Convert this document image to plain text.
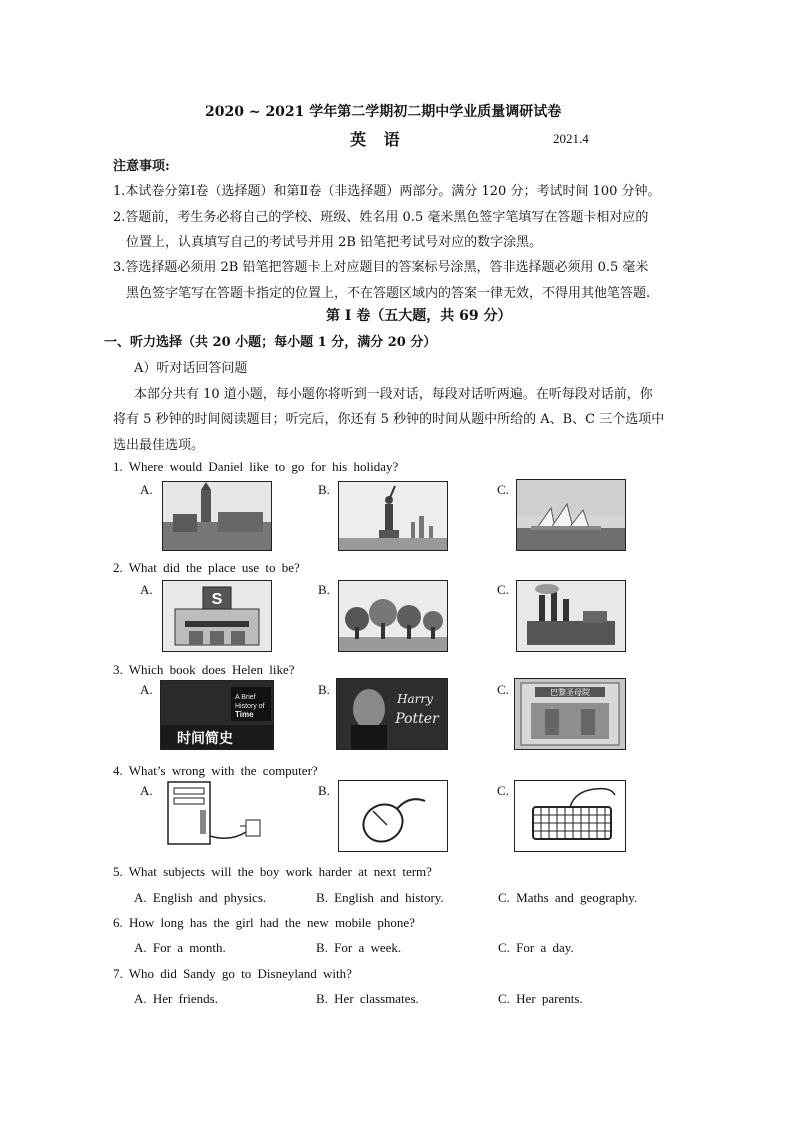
2020 ~ 2021 学年第二学期初二期中学业质量调研试卷
英 语	2021.4
注意事项:
1.本试卷分第Ⅰ卷（选择题）和第Ⅱ卷（非选择题）两部分。满分 120 分；考试时间 100 分钟。
2.答题前，考生务必将自己的学校、班级、姓名用 0.5 毫米黑色签字笔填写在答题卡相对应的
位置上，认真填写自己的考试号并用 2B 铅笔把考试号对应的数字涂黑。
3.答选择题必须用 2B 铅笔把答题卡上对应题目的答案标号涂黑，答非选择题必须用 0.5 毫米
黑色签字笔写在答题卡指定的位置上，不在答题区域内的答案一律无效，不得用其他笔答题.
第 I 卷（五大题，共 69 分）
一、听力选择（共 20 小题；每小题 1 分，满分 20 分）
A）听对话回答问题
本部分共有 10 道小题，每小题你将听到一段对话，每段对话听两遍。在听每段对话前，你
将有 5 秒钟的时间阅读题目；听完后，你还有 5 秒钟的时间从题中所给的 A、B、C 三个选项中
选出最佳选项。
1. Where would Daniel like to go for his holiday?
A.	B.	C.
2. What did the place use to be?
A.
S
B.	C.
3. Which book does Helen like?
A.
A Brief
History of
Time
时间简史
B.
Harry
Potter
C.	巴黎圣母院
4. What’s wrong with the computer?
A.	B.	C.
5. What subjects will the boy work harder at next term?
A. English and physics.	B. English and history.	C. Maths and geography.
6. How long has the girl had the new mobile phone?
A. For a month.	B. For a week.	C. For a day.
7. Who did Sandy go to Disneyland with?
A. Her friends.	B. Her classmates.	C. Her parents.
